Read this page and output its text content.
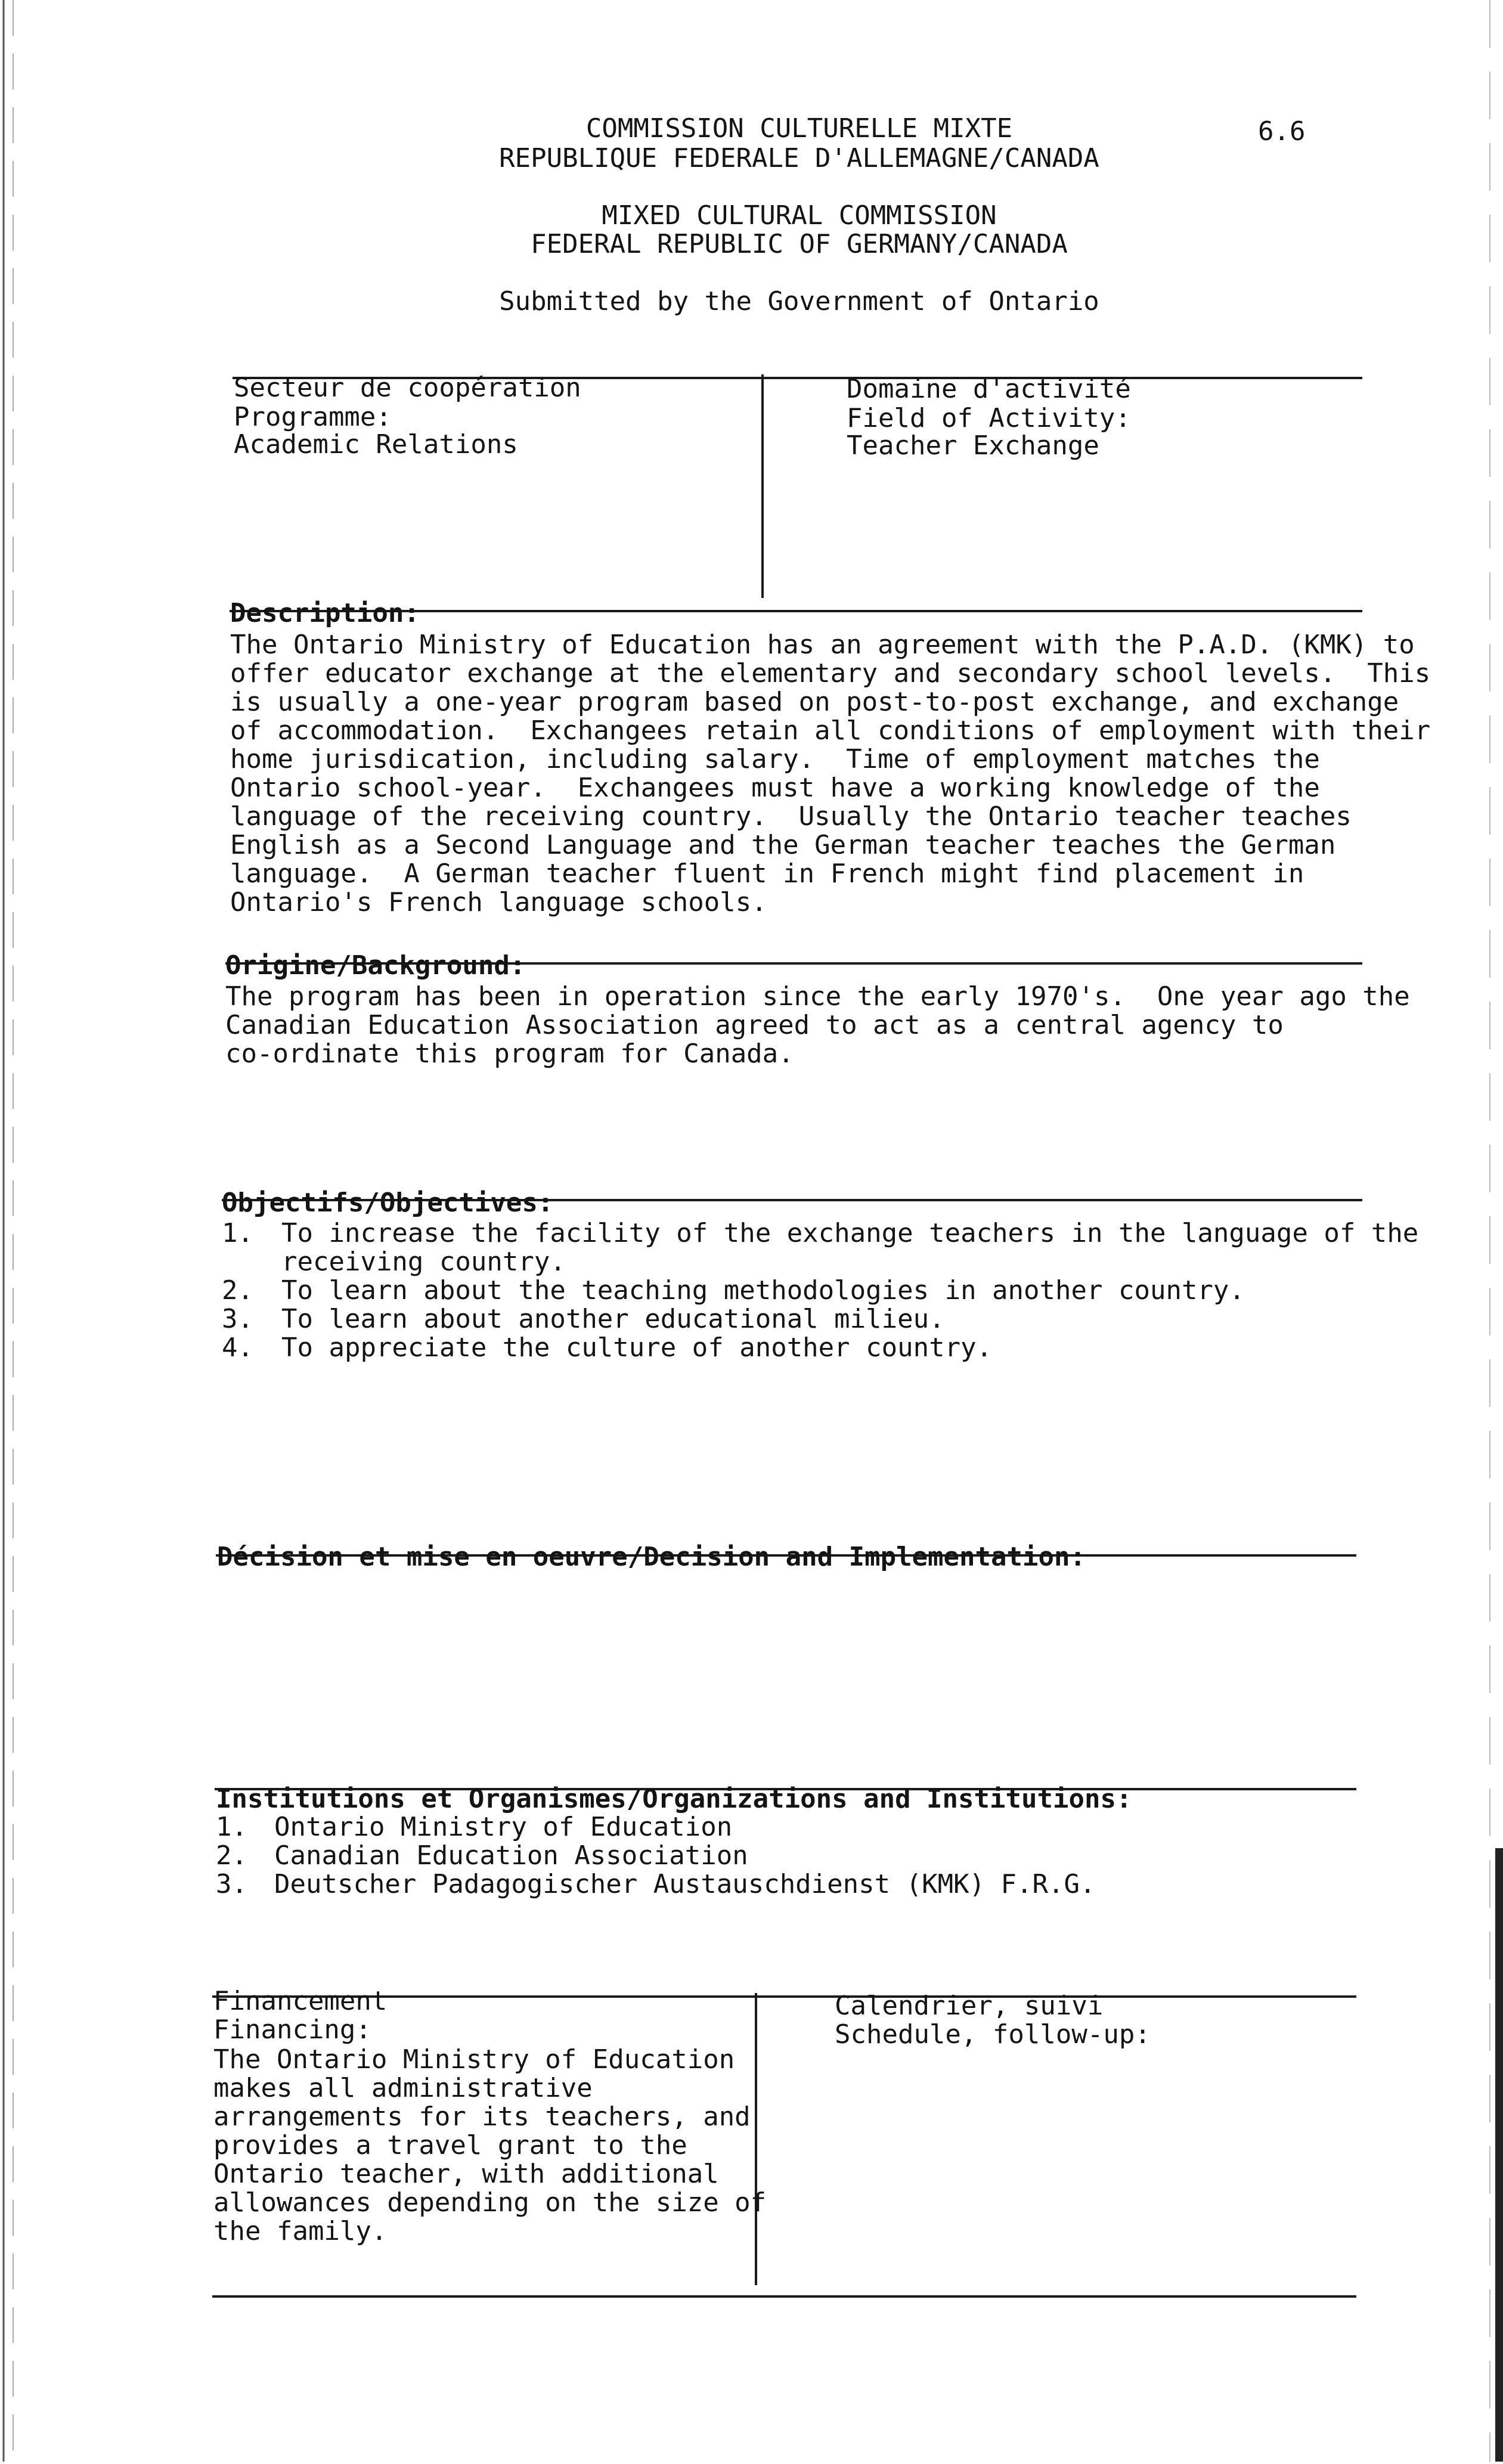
6.6
COMMISSION CULTURELLE MIXTE
REPUBLIQUE FEDERALE D'ALLEMAGNE/CANADA
MIXED CULTURAL COMMISSION
FEDERAL REPUBLIC OF GERMANY/CANADA
Submitted by the Government of Ontario
Secteur de coopération
Programme:
Academic Relations
Domaine d'activité
Field of Activity:
Teacher Exchange
Description:
The Ontario Ministry of Education has an agreement with the P.A.D. (KMK) to
offer educator exchange at the elementary and secondary school levels.  This
is usually a one-year program based on post-to-post exchange, and exchange
of accommodation.  Exchangees retain all conditions of employment with their
home jurisdication, including salary.  Time of employment matches the
Ontario school-year.  Exchangees must have a working knowledge of the
language of the receiving country.  Usually the Ontario teacher teaches
English as a Second Language and the German teacher teaches the German
language.  A German teacher fluent in French might find placement in
Ontario's French language schools.
Origine/Background:
The program has been in operation since the early 1970's.  One year ago the
Canadian Education Association agreed to act as a central agency to
co-ordinate this program for Canada.
Objectifs/Objectives:
1. To increase the facility of the exchange teachers in the language of the
receiving country.
2. To learn about the teaching methodologies in another country.
3. To learn about another educational milieu.
4. To appreciate the culture of another country.
Décision et mise en oeuvre/Decision and Implementation:
Institutions et Organismes/Organizations and Institutions:
1. Ontario Ministry of Education
2. Canadian Education Association
3. Deutscher Padagogischer Austauschdienst (KMK) F.R.G.
Financement
Financing:
The Ontario Ministry of Education
makes all administrative
arrangements for its teachers, and
provides a travel grant to the
Ontario teacher, with additional
allowances depending on the size of
the family.
Calendrier, suivi
Schedule, follow-up:
